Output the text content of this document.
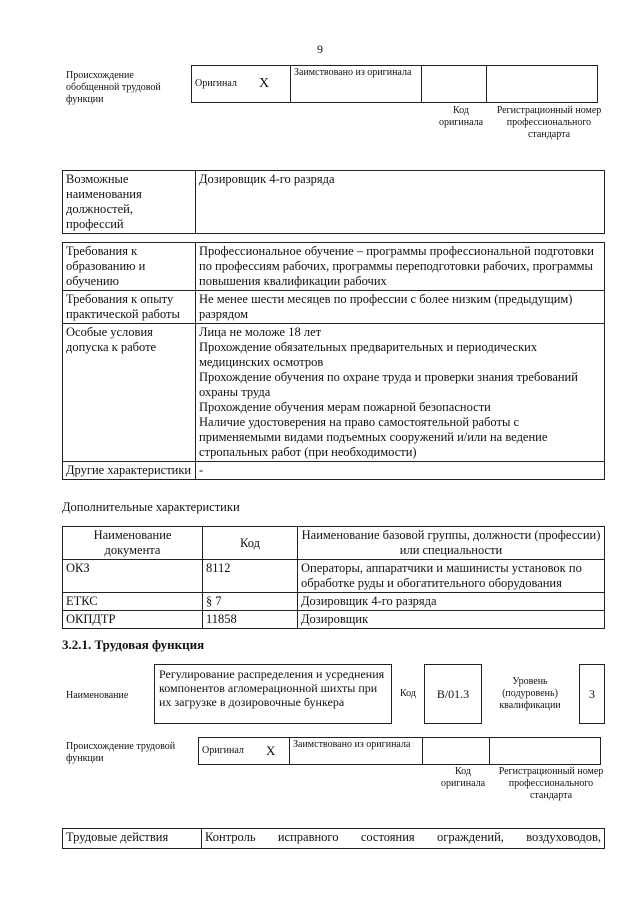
9
Происхождение обобщенной трудовой функции
Оригинал	X	Заимствовано из оригинала		
Код оригинала
Регистрационный номер профессионального стандарта
Возможные наименования должностей, профессий	Дозировщик 4-го разряда
Требования к образованию и обучению	Профессиональное обучение – программы профессиональной подготовки по профессиям рабочих, программы переподготовки рабочих, программы повышения квалификации рабочих
Требования к опыту практической работы	Не менее шести месяцев по профессии с более низким (предыдущим) разрядом
Особые условия допуска к работе	Лица не моложе 18 лет
Прохождение обязательных предварительных и периодических медицинских осмотров
Прохождение обучения по охране труда и проверки знания требований охраны труда
Прохождение обучения мерам пожарной безопасности
Наличие удостоверения на право самостоятельной работы с применяемыми видами подъемных сооружений и/или на ведение стропальных работ (при необходимости)

Другие характеристики	-
Дополнительные характеристики
Наименование документа	Код	Наименование базовой группы, должности (профессии) или специальности
ОКЗ	8112	Операторы, аппаратчики и машинисты установок по обработке руды и обогатительного оборудования
ЕТКС	§ 7	Дозировщик 4-го разряда
ОКПДТР	11858	Дозировщик
3.2.1. Трудовая функция
Наименование
Регулирование распределения и усреднения компонентов агломерационной шихты при их загрузке в дозировочные бункера
Код	B/01.3
Уровень (подуровень) квалификации
3
Происхождение трудовой функции
Оригинал	X	Заимствовано из оригинала		
Код оригинала
Регистрационный номер профессионального стандарта
Трудовые действия	Контроль исправного состояния ограждений, воздуховодов,
